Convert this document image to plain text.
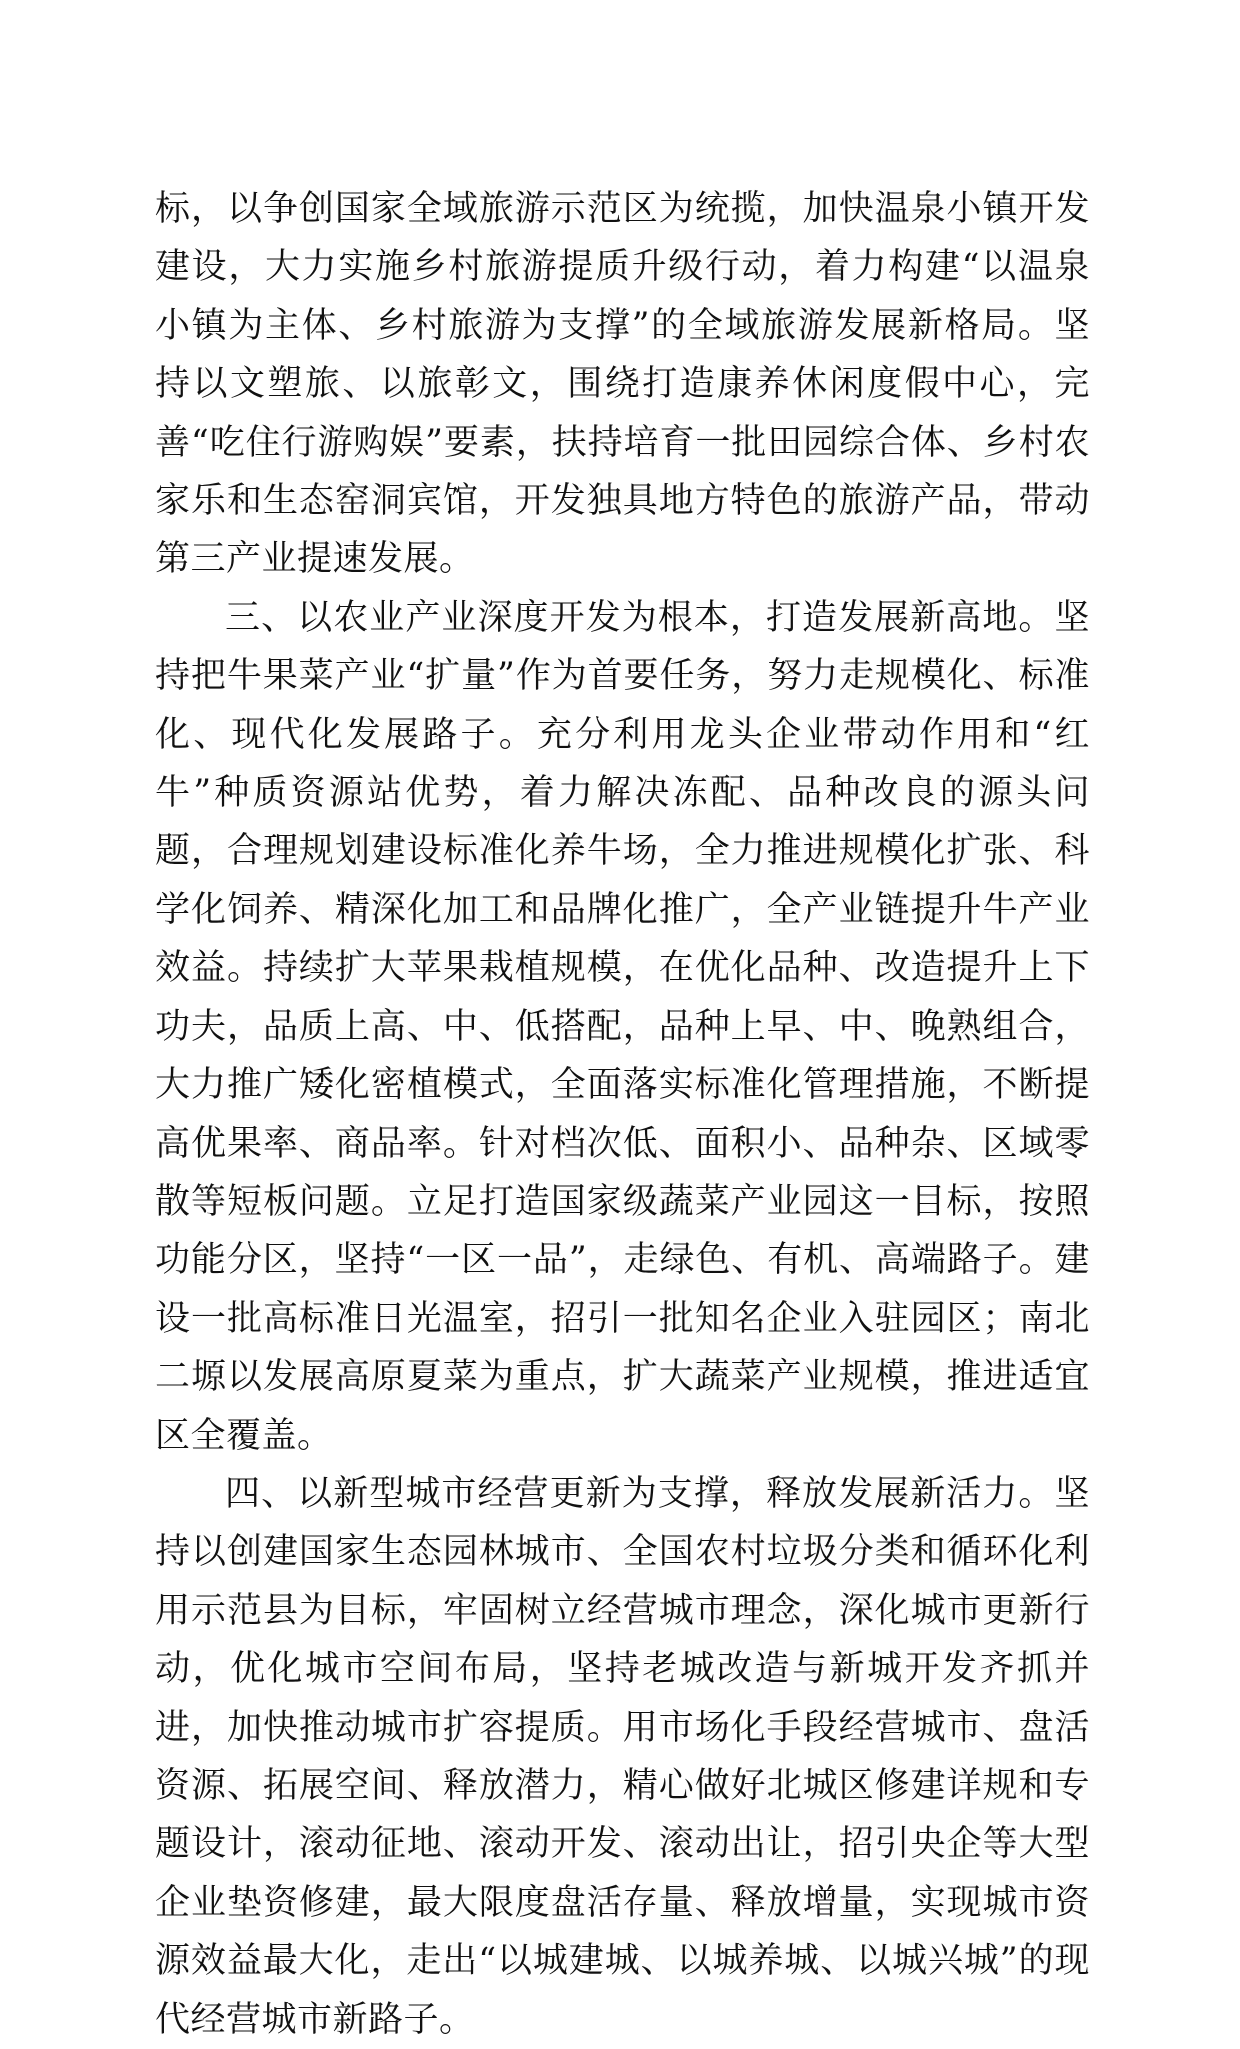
标，以争创国家全域旅游示范区为统揽，加快温泉小镇开发建设，大力实施乡村旅游提质升级行动，着力构建“以温泉小镇为主体、乡村旅游为支撑”的全域旅游发展新格局。坚持以文塑旅、以旅彰文，围绕打造康养休闲度假中心，完善“吃住行游购娱”要素，扶持培育一批田园综合体、乡村农家乐和生态窑洞宾馆，开发独具地方特色的旅游产品，带动第三产业提速发展。

三、以农业产业深度开发为根本，打造发展新高地。坚持把牛果菜产业“扩量”作为首要任务，努力走规模化、标准化、现代化发展路子。充分利用龙头企业带动作用和“红牛”种质资源站优势，着力解决冻配、品种改良的源头问题，合理规划建设标准化养牛场，全力推进规模化扩张、科学化饲养、精深化加工和品牌化推广，全产业链提升牛产业效益。持续扩大苹果栽植规模，在优化品种、改造提升上下功夫，品质上高、中、低搭配，品种上早、中、晚熟组合，大力推广矮化密植模式，全面落实标准化管理措施，不断提高优果率、商品率。针对档次低、面积小、品种杂、区域零散等短板问题。立足打造国家级蔬菜产业园这一目标，按照功能分区，坚持“一区一品”，走绿色、有机、高端路子。建设一批高标准日光温室，招引一批知名企业入驻园区；南北二塬以发展高原夏菜为重点，扩大蔬菜产业规模，推进适宜区全覆盖。

四、以新型城市经营更新为支撑，释放发展新活力。坚持以创建国家生态园林城市、全国农村垃圾分类和循环化利用示范县为目标，牢固树立经营城市理念，深化城市更新行动，优化城市空间布局，坚持老城改造与新城开发齐抓并进，加快推动城市扩容提质。用市场化手段经营城市、盘活资源、拓展空间、释放潜力，精心做好北城区修建详规和专题设计，滚动征地、滚动开发、滚动出让，招引央企等大型企业垫资修建，最大限度盘活存量、释放增量，实现城市资源效益最大化，走出“以城建城、以城养城、以城兴城”的现代经营城市新路子。
